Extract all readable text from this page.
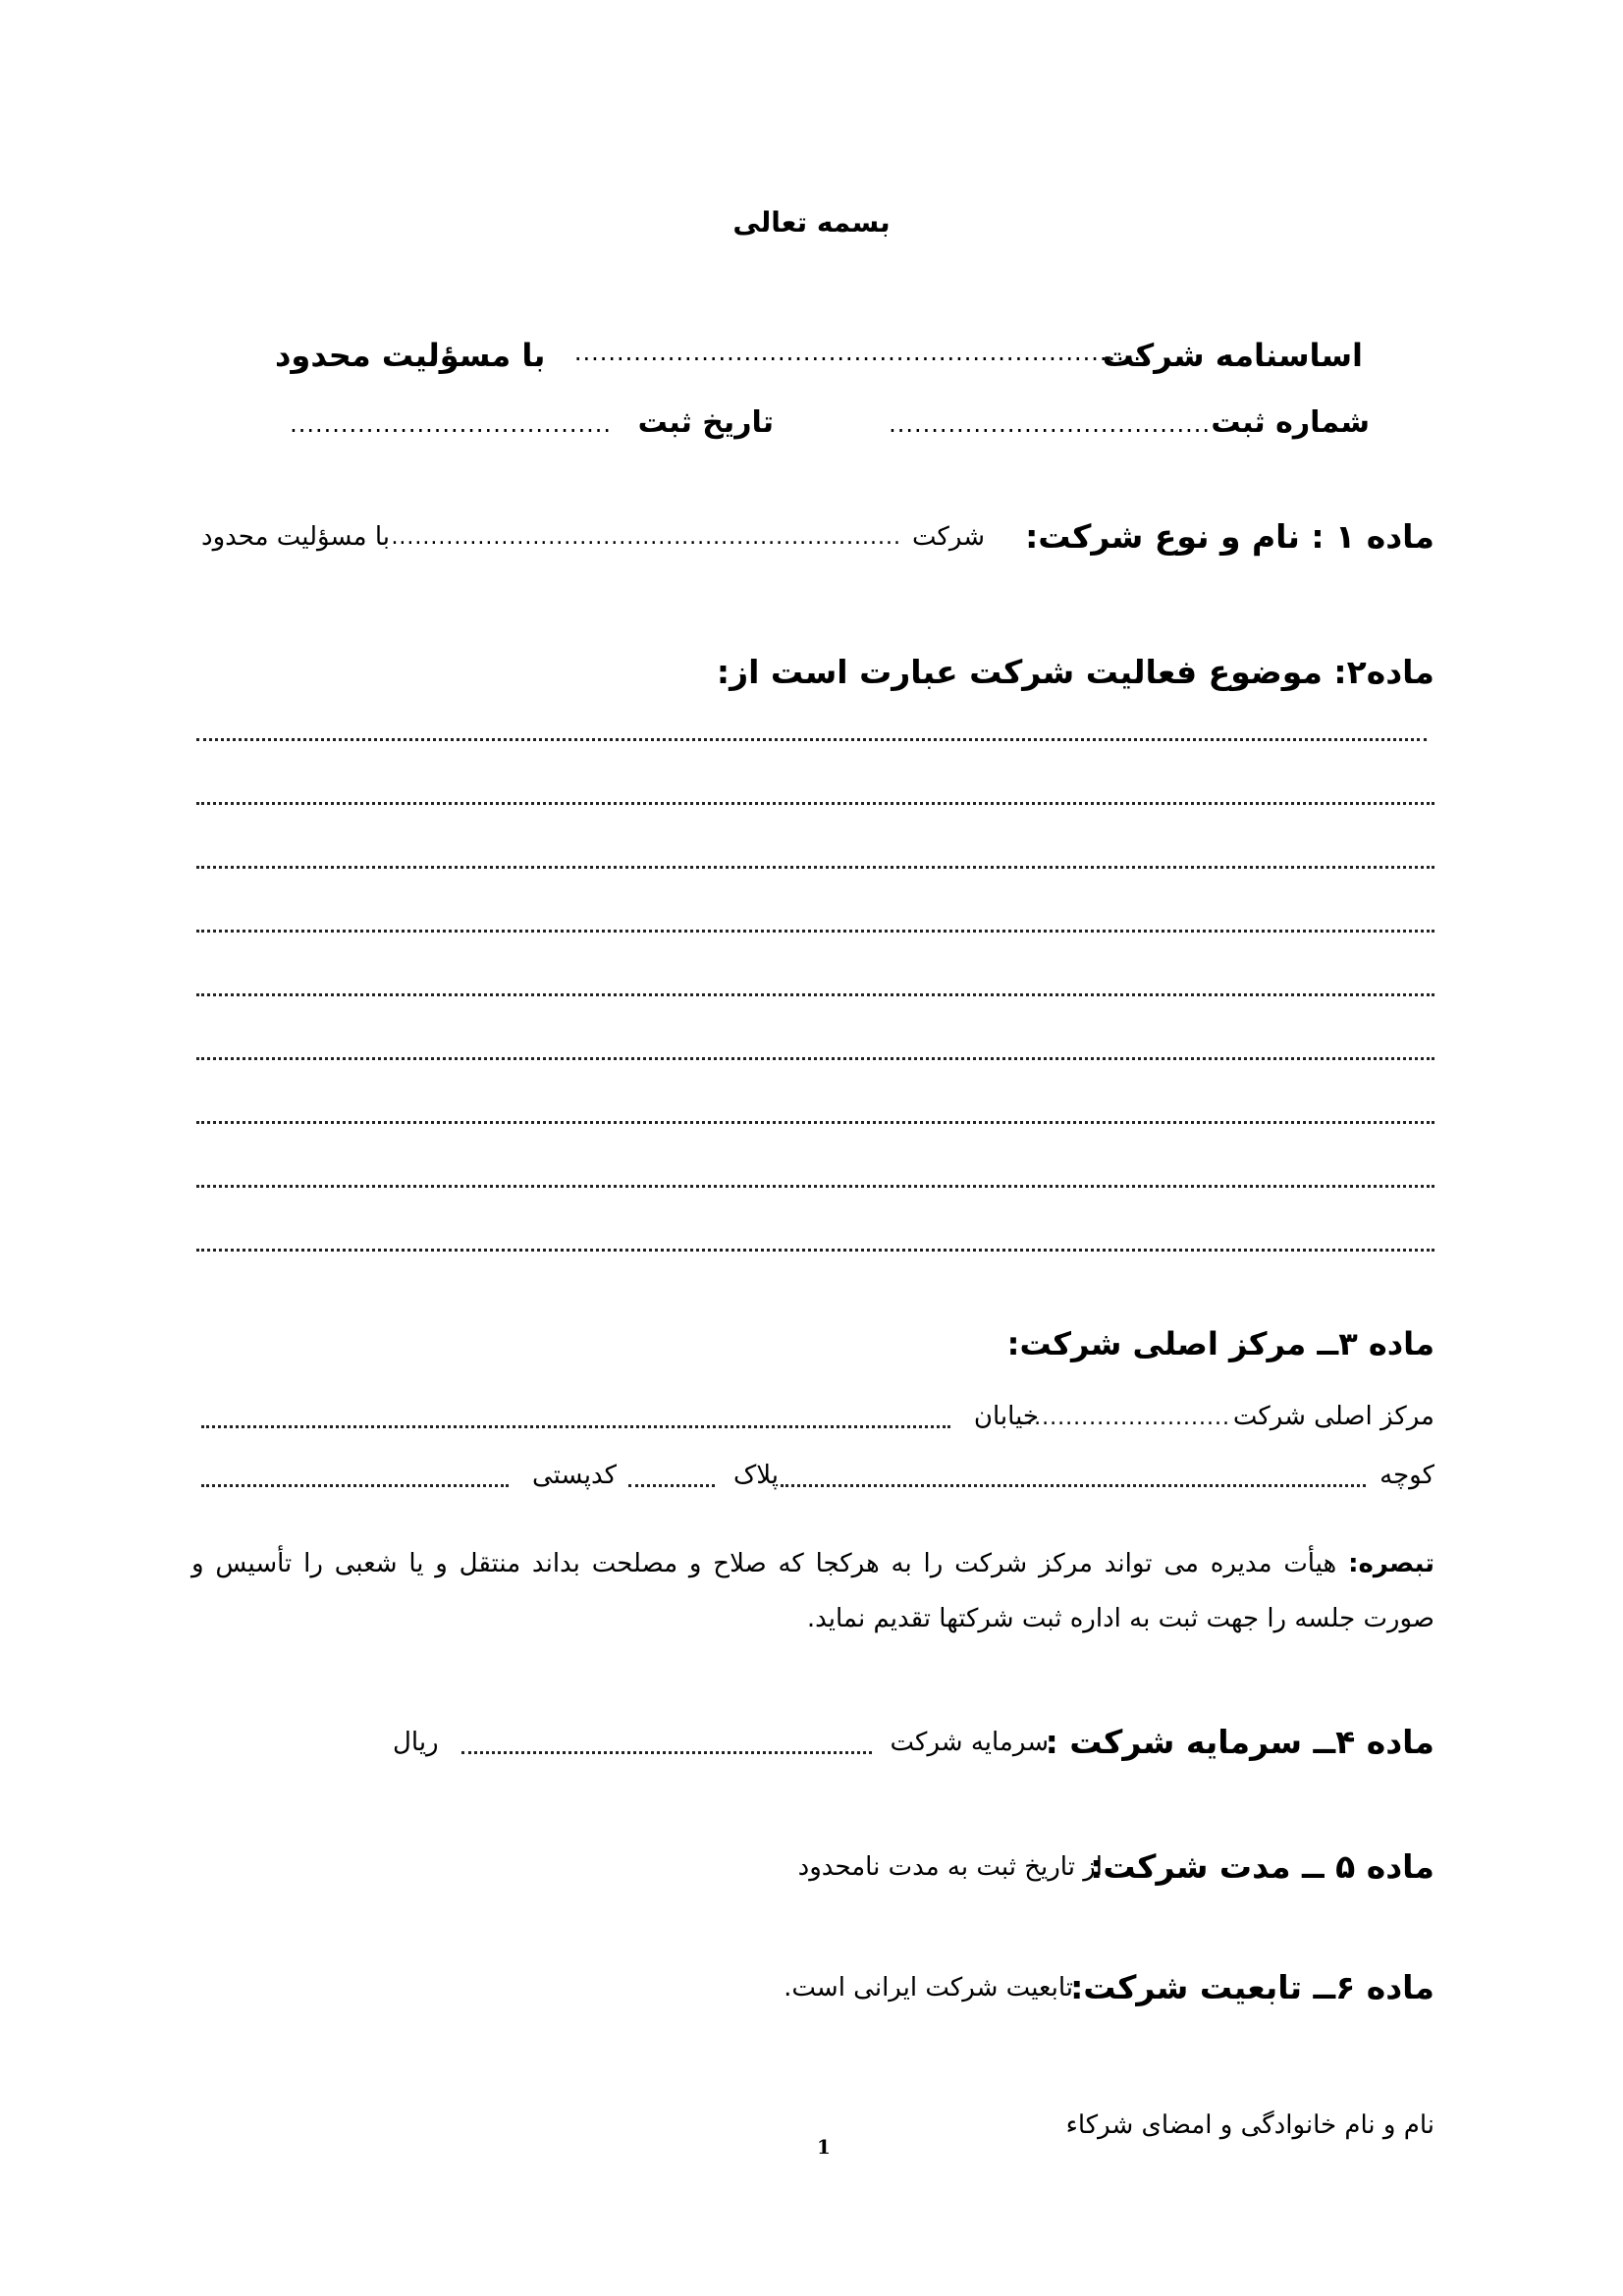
بسمه تعالی
اساسنامه شرکت
...................................................................
با مسؤلیت محدود
شماره ثبت
......................................
تاریخ ثبت
......................................
ماده ۱ : نام و نوع شرکت:
شرکت
.................................................................
با مسؤلیت محدود
ماده۲: موضوع فعالیت شرکت عبارت است از:
ماده ۳ــ مرکز اصلی شرکت:
مرکز اصلی شرکت
...........................
خیابان
کوچه
پلاک
کدپستی
تبصره: هیأت مدیره می تواند مرکز شرکت را به هرکجا که صلاح و مصلحت بداند منتقل و یا شعبی را تأسیس و صورت جلسه را جهت ثبت به اداره ثبت شرکتها تقدیم نماید.
ماده ۴ــ سرمایه شرکت :
سرمایه شرکت
ریال
ماده ۵ ــ مدت شرکت:
از تاریخ ثبت به مدت نامحدود
ماده ۶ــ تابعیت شرکت:
تابعیت شرکت ایرانی است.
نام و نام خانوادگی و امضای شرکاء
1
